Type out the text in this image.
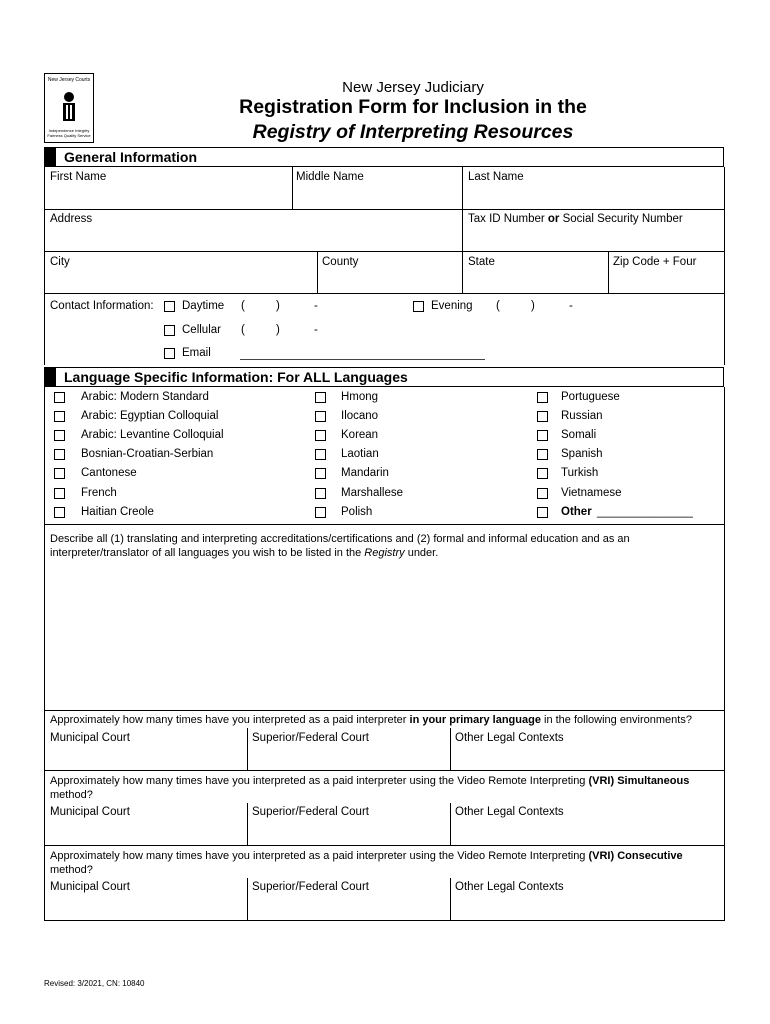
New Jersey Courts
Independence Integrity Fairness Quality Service
New Jersey Judiciary
Registration Form for Inclusion in the
Registry of Interpreting Resources
General Information
First Name	Middle Name	Last Name
Address	Tax ID Number or Social Security Number
City	County	State	Zip Code + Four
Contact Information: Daytime (	)	-	Evening (	)	-
Cellular (	)	-
Email
Language Specific Information: For ALL Languages
Arabic: Modern Standard
Arabic: Egyptian Colloquial
Arabic: Levantine Colloquial
Bosnian-Croatian-Serbian
Cantonese
French
Haitian Creole
Hmong
Ilocano
Korean
Laotian
Mandarin
Marshallese
Polish
Portuguese
Russian
Somali
Spanish
Turkish
Vietnamese
Other _______________
Describe all (1) translating and interpreting accreditations/certifications and (2) formal and informal education and as an
interpreter/translator of all languages you wish to be listed in the Registry under.
Approximately how many times have you interpreted as a paid interpreter in your primary language in the following environments?
Municipal Court	Superior/Federal Court	Other Legal Contexts
Approximately how many times have you interpreted as a paid interpreter using the Video Remote Interpreting (VRI) Simultaneous
method?
Municipal Court	Superior/Federal Court	Other Legal Contexts
Approximately how many times have you interpreted as a paid interpreter using the Video Remote Interpreting (VRI) Consecutive
method?
Municipal Court	Superior/Federal Court	Other Legal Contexts
Revised: 3/2021, CN: 10840
